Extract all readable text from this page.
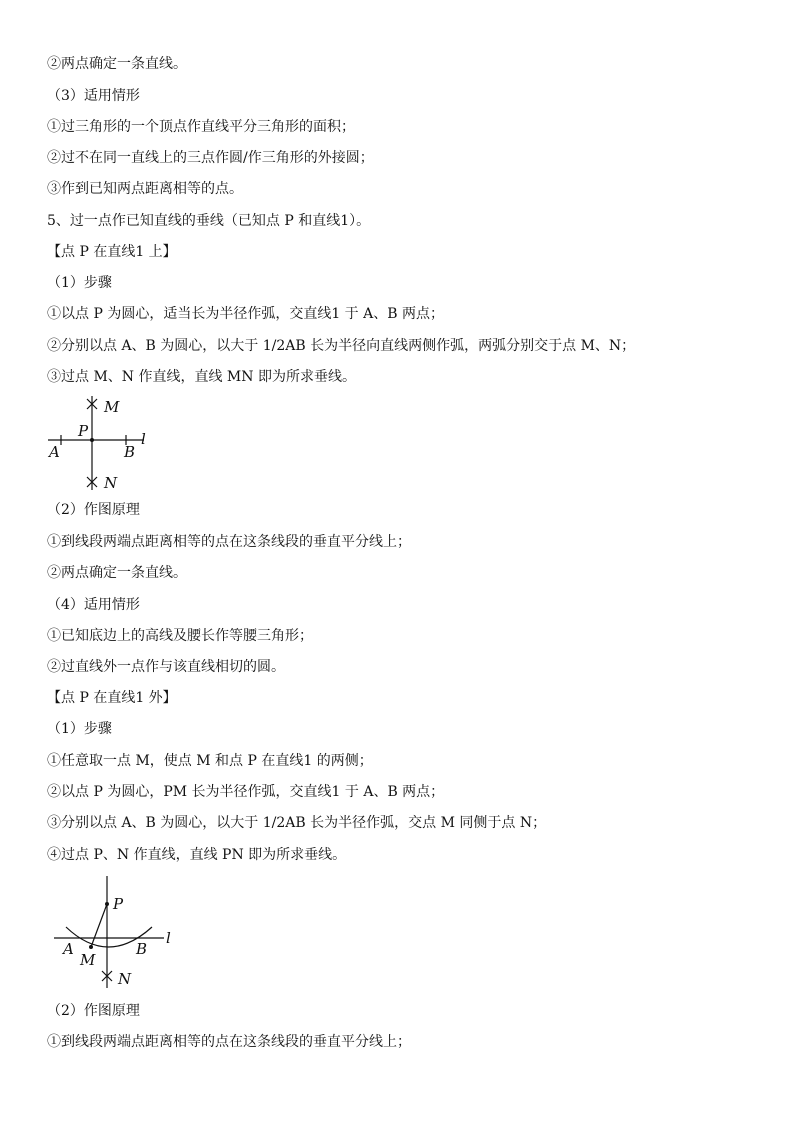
②两点确定一条直线。
（3）适用情形
①过三角形的一个顶点作直线平分三角形的面积；
②过不在同一直线上的三点作圆/作三角形的外接圆；
③作到已知两点距离相等的点。
5、过一点作已知直线的垂线（已知点 P 和直线1）。
【点 P 在直线1 上】
（1）步骤
①以点 P 为圆心，适当长为半径作弧，交直线1 于 A、B 两点；
②分别以点 A、B 为圆心，以大于 1/2AB 长为半径向直线两侧作弧，两弧分别交于点 M、N；
③过点 M、N 作直线，直线 MN 即为所求垂线。
M
P	l
A	B
N
（2）作图原理
①到线段两端点距离相等的点在这条线段的垂直平分线上；
②两点确定一条直线。
（4）适用情形
①已知底边上的高线及腰长作等腰三角形；
②过直线外一点作与该直线相切的圆。
【点 P 在直线1 外】
（1）步骤
①任意取一点 M，使点 M 和点 P 在直线1 的两侧；
②以点 P 为圆心，PM 长为半径作弧，交直线1 于 A、B 两点；
③分别以点 A、B 为圆心，以大于 1/2AB 长为半径作弧，交点 M 同侧于点 N；
④过点 P、N 作直线，直线 PN 即为所求垂线。
P
A
M
B
l
N
（2）作图原理
①到线段两端点距离相等的点在这条线段的垂直平分线上；
